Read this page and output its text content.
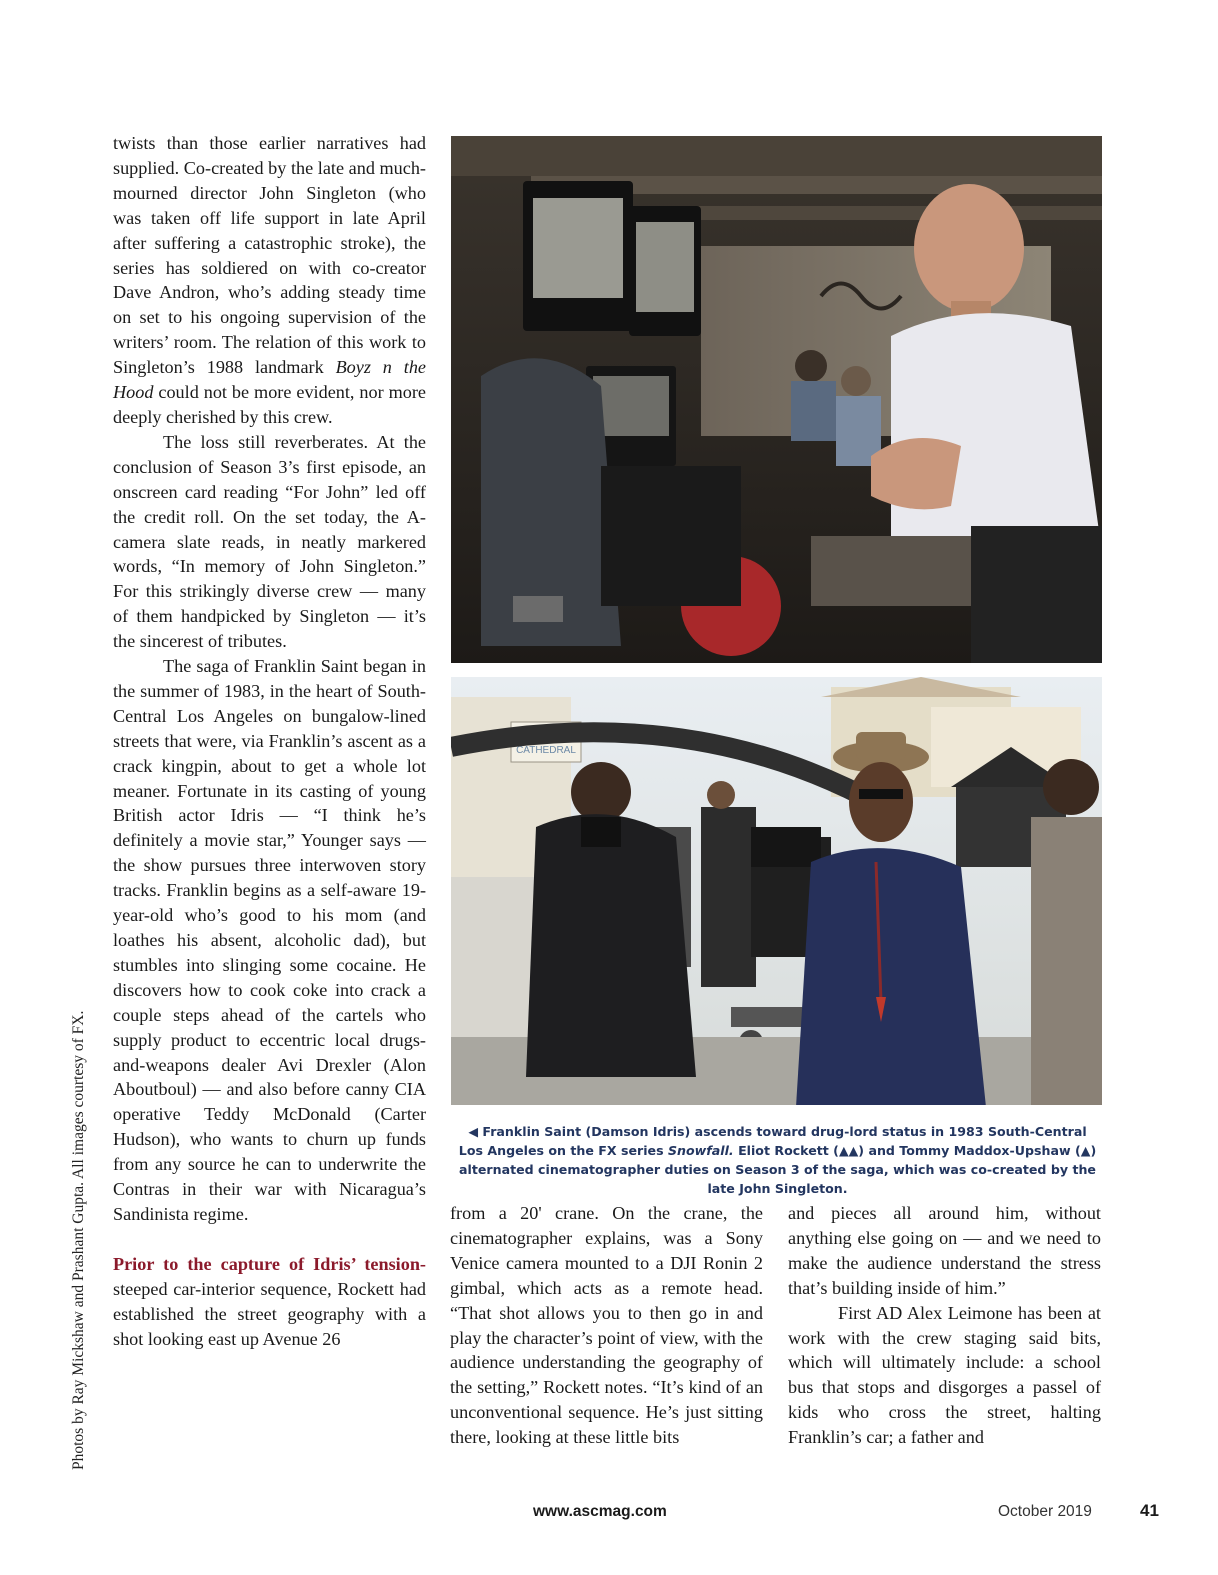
Photos by Ray Mickshaw and Prashant Gupta. All images courtesy of FX.

twists than those earlier narratives had supplied. Co-created by the late and much-mourned director John Singleton (who was taken off life support in late April after suffering a catastrophic stroke), the series has soldiered on with co-creator Dave Andron, who’s adding steady time on set to his ongoing supervision of the writers’ room. The relation of this work to Singleton’s 1988 landmark Boyz n the Hood could not be more evident, nor more deeply cherished by this crew.

The loss still reverberates. At the conclusion of Season 3’s first episode, an onscreen card reading “For John” led off the credit roll. On the set today, the A-camera slate reads, in neatly markered words, “In memory of John Singleton.” For this strikingly diverse crew — many of them handpicked by Singleton — it’s the sincerest of tributes.

The saga of Franklin Saint began in the summer of 1983, in the heart of South-Central Los Angeles on bungalow-lined streets that were, via Franklin’s ascent as a crack kingpin, about to get a whole lot meaner. Fortunate in its casting of young British actor Idris — “I think he’s definitely a movie star,” Younger says — the show pursues three interwoven story tracks. Franklin begins as a self-aware 19-year-old who’s good to his mom (and loathes his absent, alcoholic dad), but stumbles into slinging some cocaine. He discovers how to cook coke into crack a couple steps ahead of the cartels who supply product to eccentric local drugs-and-weapons dealer Avi Drexler (Alon Aboutboul) — and also before canny CIA operative Teddy McDonald (Carter Hudson), who wants to churn up funds from any source he can to underwrite the Contras in their war with Nicaragua’s Sandinista regime.

Prior to the capture of Idris’ tension- steeped car-interior sequence, Rockett had established the street geography with a shot looking east up Avenue 26

GREATER BETH
CATHEDRAL
◀ Franklin Saint (Damson Idris) ascends toward drug-lord status in 1983 South-Central Los Angeles on the FX series Snowfall. Eliot Rockett (▲▲) and Tommy Maddox-Upshaw (▲) alternated cinematographer duties on Season 3 of the saga, which was co-created by the late John Singleton.

from a 20' crane. On the crane, the cinematographer explains, was a Sony Venice camera mounted to a DJI Ronin 2 gimbal, which acts as a remote head. “That shot allows you to then go in and play the character’s point of view, with the audience understanding the geography of the setting,” Rockett notes. “It’s kind of an unconventional sequence. He’s just sitting there, looking at these little bits

and pieces all around him, without anything else going on — and we need to make the audience understand the stress that’s building inside of him.”

First AD Alex Leimone has been at work with the crew staging said bits, which will ultimately include: a school bus that stops and disgorges a passel of kids who cross the street, halting Franklin’s car; a father and

www.ascmag.com	October 2019	41
